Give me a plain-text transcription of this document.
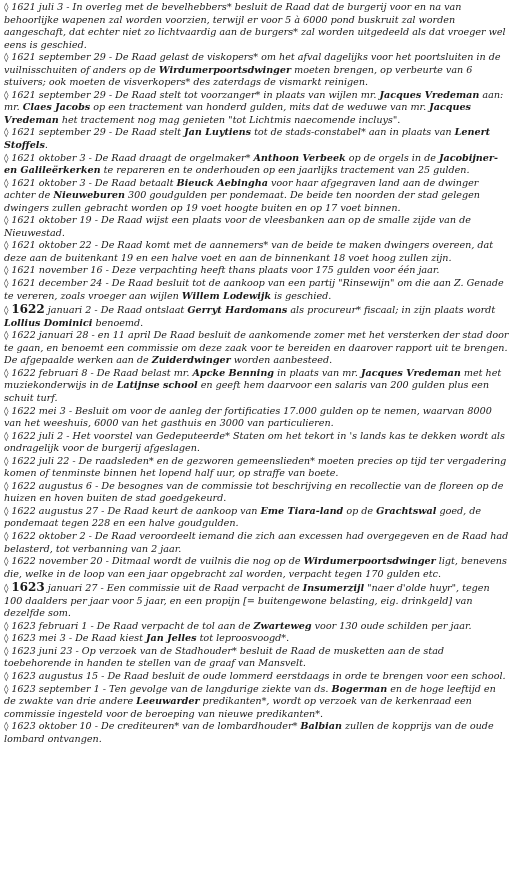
◊ 1621 juli 3 - In overleg met de bevelhebbers* besluit de Raad dat de burgerij voor en na van behoorlijke wapenen zal worden voorzien, terwijl er voor 5 à 6000 pond buskruit zal worden aangeschaft, dat echter niet zo lichtvaardig aan de burgers* zal worden uitgedeeld als dat vroeger wel eens is geschied.

◊ 1621 september 29 - De Raad gelast de viskopers* om het afval dagelijks voor het poortsluiten in de vuilnisschuiten of anders op de Wirdumerpoortsdwinger moeten brengen, op verbeurte van 6 stuivers; ook moeten de visverkopers* des zaterdags de vismarkt reinigen.

◊ 1621 september 29 - De Raad stelt tot voorzanger* in plaats van wijlen mr. Jacques Vredeman aan: mr. Claes Jacobs op een tractement van honderd gulden, mits dat de weduwe van mr. Jacques Vredeman het tractement nog mag genieten "tot Lichtmis naecomende incluys".

◊ 1621 september 29 - De Raad stelt Jan Luytiens tot de stads-constabel* aan in plaats van Lenert Stoffels.

◊ 1621 oktober 3 - De Raad draagt de orgelmaker* Anthoon Verbeek op de orgels in de Jacobijner- en Galileërkerken te repareren en te onderhouden op een jaarlijks tractement van 25 gulden.

◊ 1621 oktober 3 - De Raad betaalt Bieuck Aebingha voor haar afgegraven land aan de dwinger achter de Nieuweburen 300 goudgulden per pondemaat. De beide ten noorden der stad gelegen dwingers zullen gebracht worden op 19 voet hoogte buiten en op 17 voet binnen.

◊ 1621 oktober 19 - De Raad wijst een plaats voor de vleesbanken aan op de smalle zijde van de Nieuwestad.

◊ 1621 oktober 22 - De Raad komt met de aannemers* van de beide te maken dwingers overeen, dat deze aan de buitenkant 19 en een halve voet en aan de binnenkant 18 voet hoog zullen zijn.

◊ 1621 november 16 - Deze verpachting heeft thans plaats voor 175 gulden voor één jaar.

◊ 1621 december 24 - De Raad besluit tot de aankoop van een partij "Rinsewijn" om die aan Z. Genade te vereren, zoals vroeger aan wijlen Willem Lodewijk is geschied.

◊ 1622 januari 2 - De Raad ontslaat Gerryt Hardomans als procureur* fiscaal; in zijn plaats wordt Lollius Dominici benoemd.

◊ 1622 januari 28 - en 11 april De Raad besluit de aankomende zomer met het versterken der stad door te gaan, en benoemt een commissie om deze zaak voor te bereiden en daarover rapport uit te brengen. De afgepaalde werken aan de Zuiderdwinger worden aanbesteed.

◊ 1622 februari 8 - De Raad belast mr. Apcke Benning in plaats van mr. Jacques Vredeman met het muziekonderwijs in de Latijnse school en geeft hem daarvoor een salaris van 200 gulden plus een schuit turf.

◊ 1622 mei 3 - Besluit om voor de aanleg der fortificaties 17.000 gulden op te nemen, waarvan 8000 van het weeshuis, 6000 van het gasthuis en 3000 van particulieren.

◊ 1622 juli 2 - Het voorstel van Gedeputeerde* Staten om het tekort in 's lands kas te dekken wordt als ondragelijk voor de burgerij afgeslagen.

◊ 1622 juli 22 - De raadsleden* en de gezworen gemeenslieden* moeten precies op tijd ter vergadering komen of tenminste binnen het lopend half uur, op straffe van boete.

◊ 1622 augustus 6 - De besognes van de commissie tot beschrijving en recollectie van de floreen op de huizen en hoven buiten de stad goedgekeurd.

◊ 1622 augustus 27 - De Raad keurt de aankoop van Eme Tiara-land op de Grachtswal goed, de pondemaat tegen 228 en een halve goudgulden.

◊ 1622 oktober 2 - De Raad veroordeelt iemand die zich aan excessen had overgegeven en de Raad had belasterd, tot verbanning van 2 jaar.

◊ 1622 november 20 - Ditmaal wordt de vuilnis die nog op de Wirdumerpoortsdwinger ligt, benevens die, welke in de loop van een jaar opgebracht zal worden, verpacht tegen 170 gulden etc.

◊ 1623 januari 27 - Een commissie uit de Raad verpacht de Insumerzijl "naer d'olde huyr", tegen 100 daalders per jaar voor 5 jaar, en een propijn [= buitengewone belasting, eig. drinkgeld] van dezelfde som.

◊ 1623 februari 1 - De Raad verpacht de tol aan de Zwarteweg voor 130 oude schilden per jaar.

◊ 1623 mei 3 - De Raad kiest Jan Jelles tot leproosvoogd*.

◊ 1623 juni 23 - Op verzoek van de Stadhouder* besluit de Raad de musketten aan de stad toebehorende in handen te stellen van de graaf van Mansvelt.

◊ 1623 augustus 15 - De Raad besluit de oude lommerd eerstdaags in orde te brengen voor een school.

◊ 1623 september 1 - Ten gevolge van de langdurige ziekte van ds. Bogerman en de hoge leeftijd en de zwakte van drie andere Leeuwarder predikanten*, wordt op verzoek van de kerkenraad een commissie ingesteld voor de beroeping van nieuwe predikanten*.

◊ 1623 oktober 10 - De crediteuren* van de lombardhouder* Balbian zullen de kopprijs van de oude lombard ontvangen.
